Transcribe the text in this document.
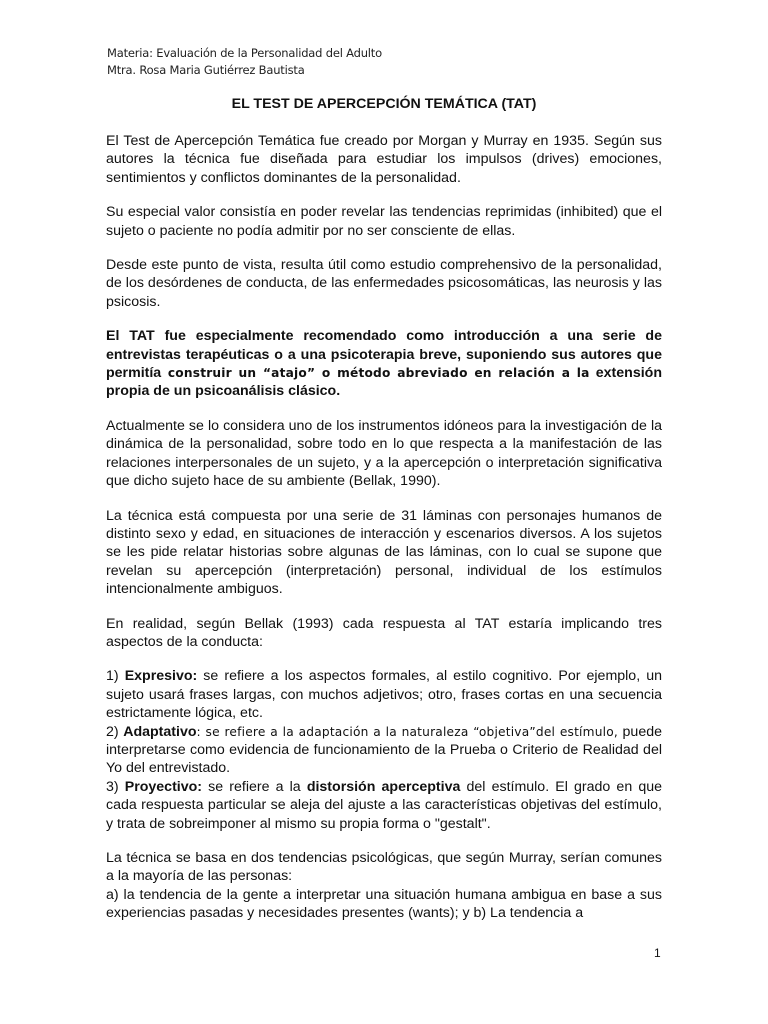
Materia: Evaluación de la Personalidad del Adulto
Mtra. Rosa Maria Gutiérrez Bautista
EL TEST DE APERCEPCIÓN TEMÁTICA (TAT)

El Test de Apercepción Temática fue creado por Morgan y Murray en 1935. Según sus autores la técnica fue diseñada para estudiar los impulsos (drives) emociones, sentimientos y conflictos dominantes de la personalidad.

Su especial valor consistía en poder revelar las tendencias reprimidas (inhibited) que el sujeto o paciente no podía admitir por no ser consciente de ellas.

Desde este punto de vista, resulta útil como estudio comprehensivo de la personalidad, de los desórdenes de conducta, de las enfermedades psicosomáticas, las neurosis y las psicosis.

El TAT fue especialmente recomendado como introducción a una serie de entrevistas terapéuticas o a una psicoterapia breve, suponiendo sus autores que permitía construir un “atajo” o método abreviado en relación a la extensión propia de un psicoanálisis clásico.

Actualmente se lo considera uno de los instrumentos idóneos para la investigación de la dinámica de la personalidad, sobre todo en lo que respecta a la manifestación de las relaciones interpersonales de un sujeto, y a la apercepción o interpretación significativa que dicho sujeto hace de su ambiente (Bellak, 1990).

La técnica está compuesta por una serie de 31 láminas con personajes humanos de distinto sexo y edad, en situaciones de interacción y escenarios diversos. A los sujetos se les pide relatar historias sobre algunas de las láminas, con lo cual se supone que revelan su apercepción (interpretación) personal, individual de los estímulos intencionalmente ambiguos.

En realidad, según Bellak (1993) cada respuesta al TAT estaría implicando tres aspectos de la conducta:

1) Expresivo: se refiere a los aspectos formales, al estilo cognitivo. Por ejemplo, un sujeto usará frases largas, con muchos adjetivos; otro, frases cortas en una secuencia estrictamente lógica, etc.

2) Adaptativo: se refiere a la adaptación a la naturaleza “objetiva”del estímulo, puede interpretarse como evidencia de funcionamiento de la Prueba o Criterio de Realidad del Yo del entrevistado.

3) Proyectivo: se refiere a la distorsión aperceptiva del estímulo. El grado en que cada respuesta particular se aleja del ajuste a las características objetivas del estímulo, y trata de sobreimponer al mismo su propia forma o "gestalt".

La técnica se basa en dos tendencias psicológicas, que según Murray, serían comunes a la mayoría de las personas:

a) la tendencia de la gente a interpretar una situación humana ambigua en base a sus experiencias pasadas y necesidades presentes (wants); y b) La tendencia a

1
